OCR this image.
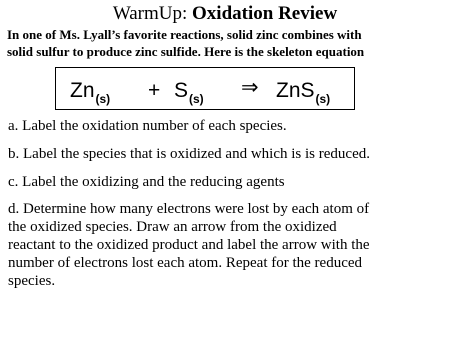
WarmUp: Oxidation Review
In one of Ms. Lyall’s favorite reactions, solid zinc combines with
solid sulfur to produce zinc sulfide. Here is the skeleton equation
$Zn_{(s)} + S_{(s)}$ ⇒ ZnS$_{(s)}$
a. Label the oxidation number of each species.
b. Label the species that is oxidized and which is is reduced.
c. Label the oxidizing and the reducing agents
d. Determine how many electrons were lost by each atom of
the oxidized species. Draw an arrow from the oxidized
reactant to the oxidized product and label the arrow with the
number of electrons lost each atom. Repeat for the reduced
species.
